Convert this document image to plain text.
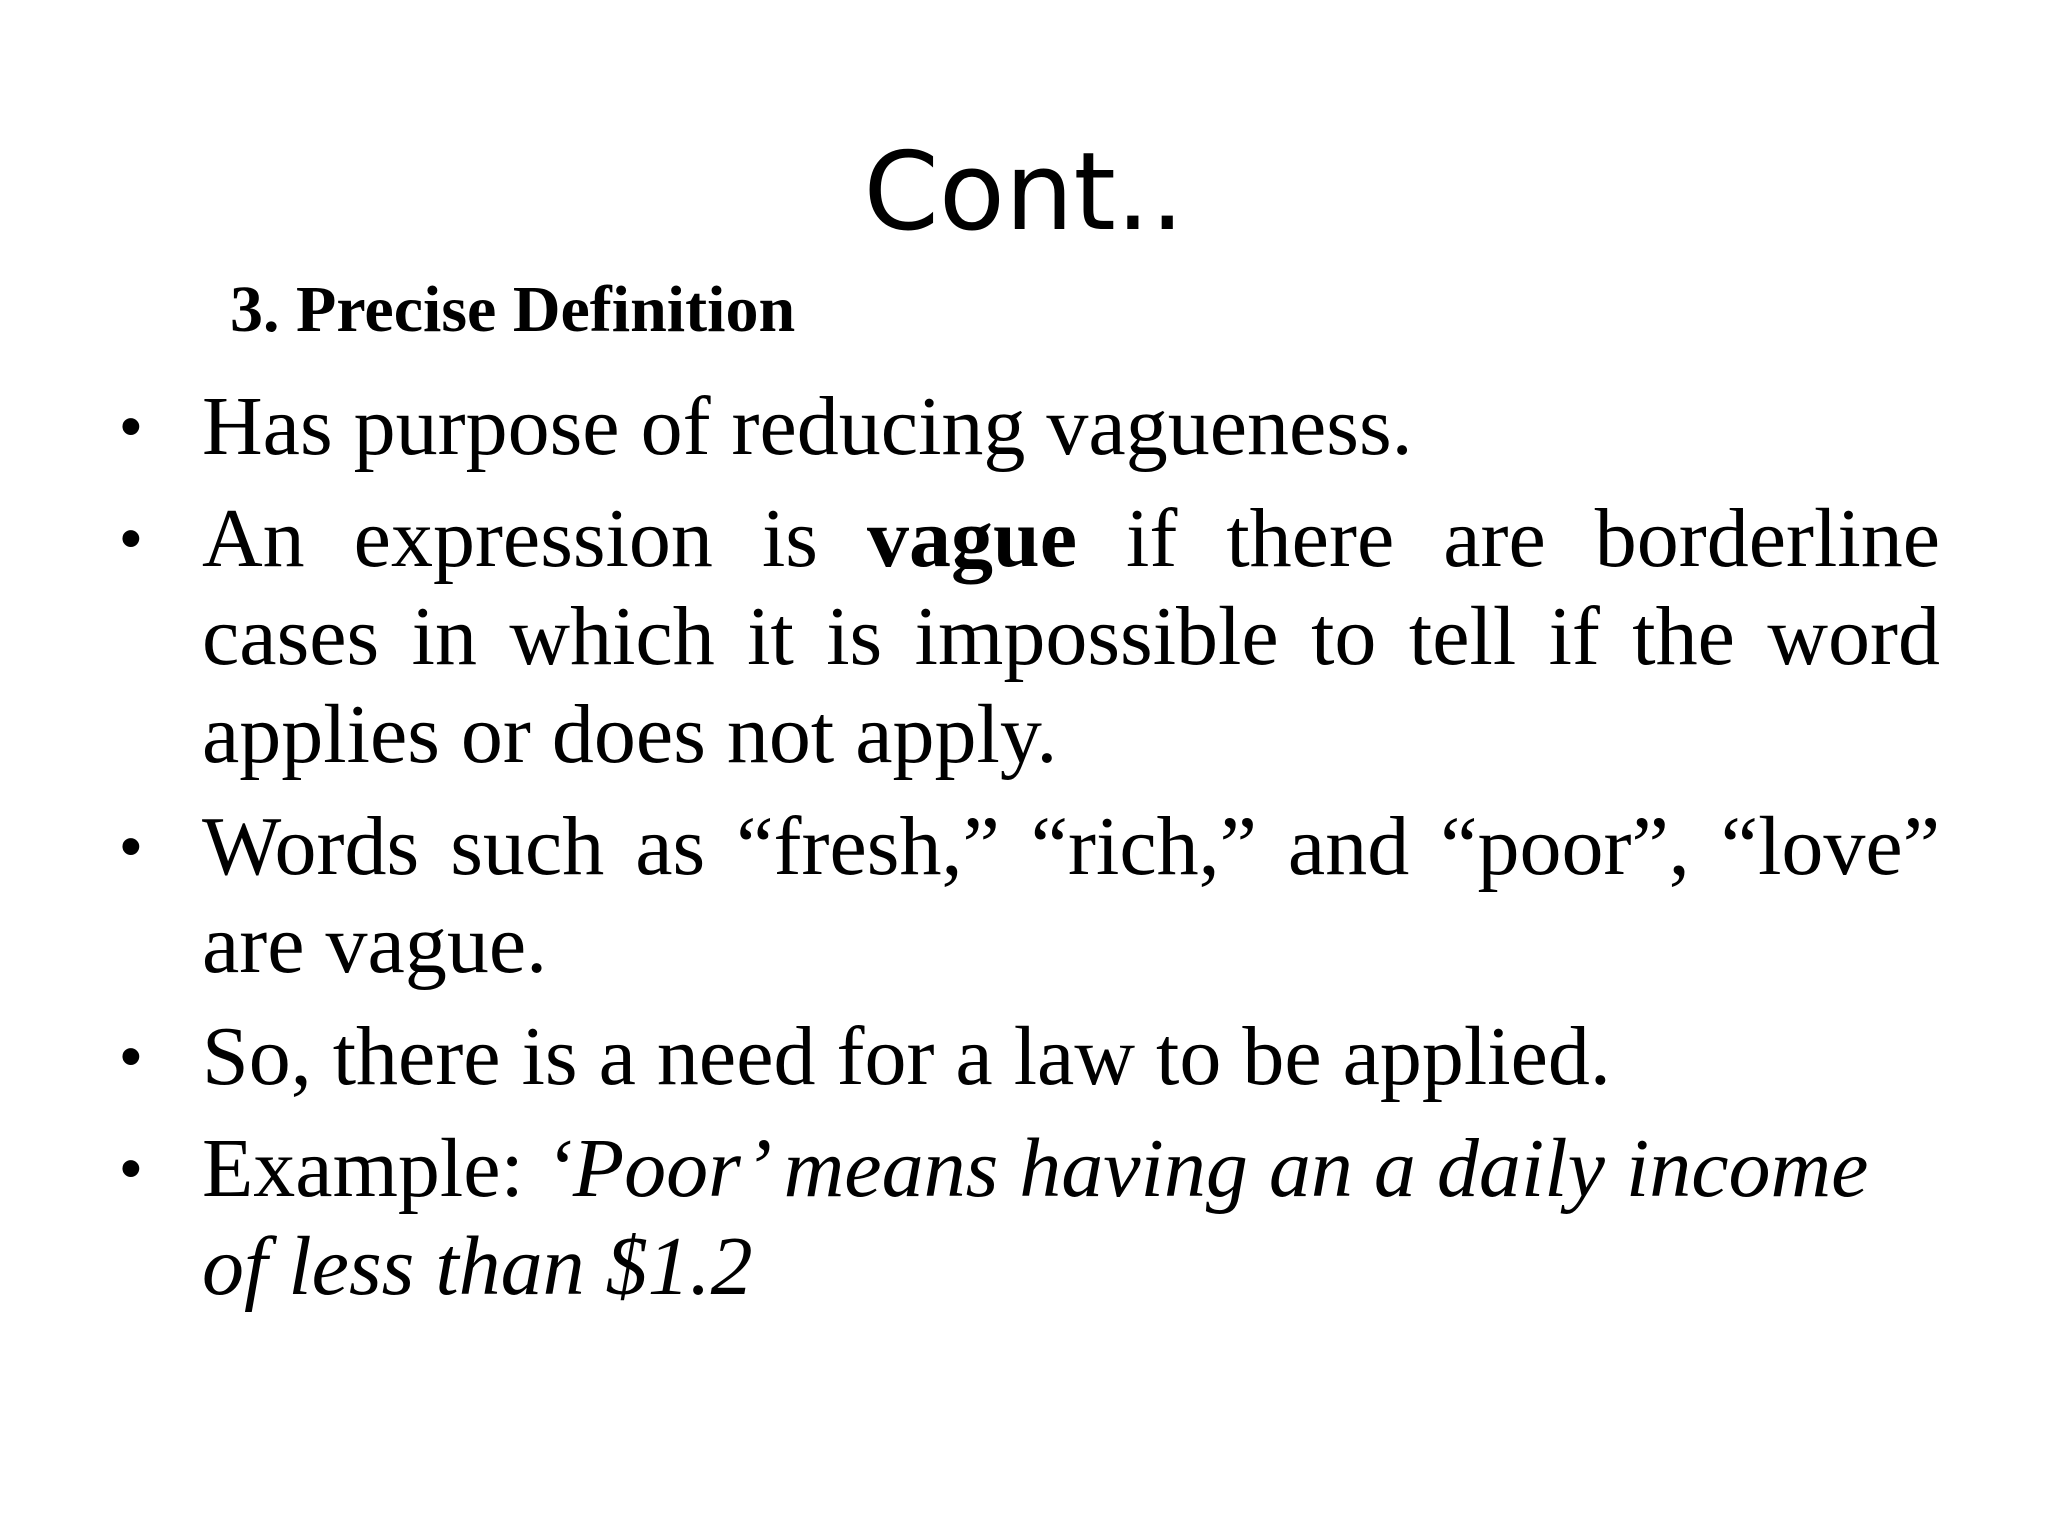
Cont..
3. Precise Definition
• Has purpose of reducing vagueness.
• An expression is vague if there are borderline cases in which it is impossible to tell if the word applies or does not apply.
• Words such as “fresh,” “rich,” and “poor”, “love” are vague.
• So, there is a need for a law to be applied.
• Example: ‘Poor’ means having an a daily income of less than $1.2
